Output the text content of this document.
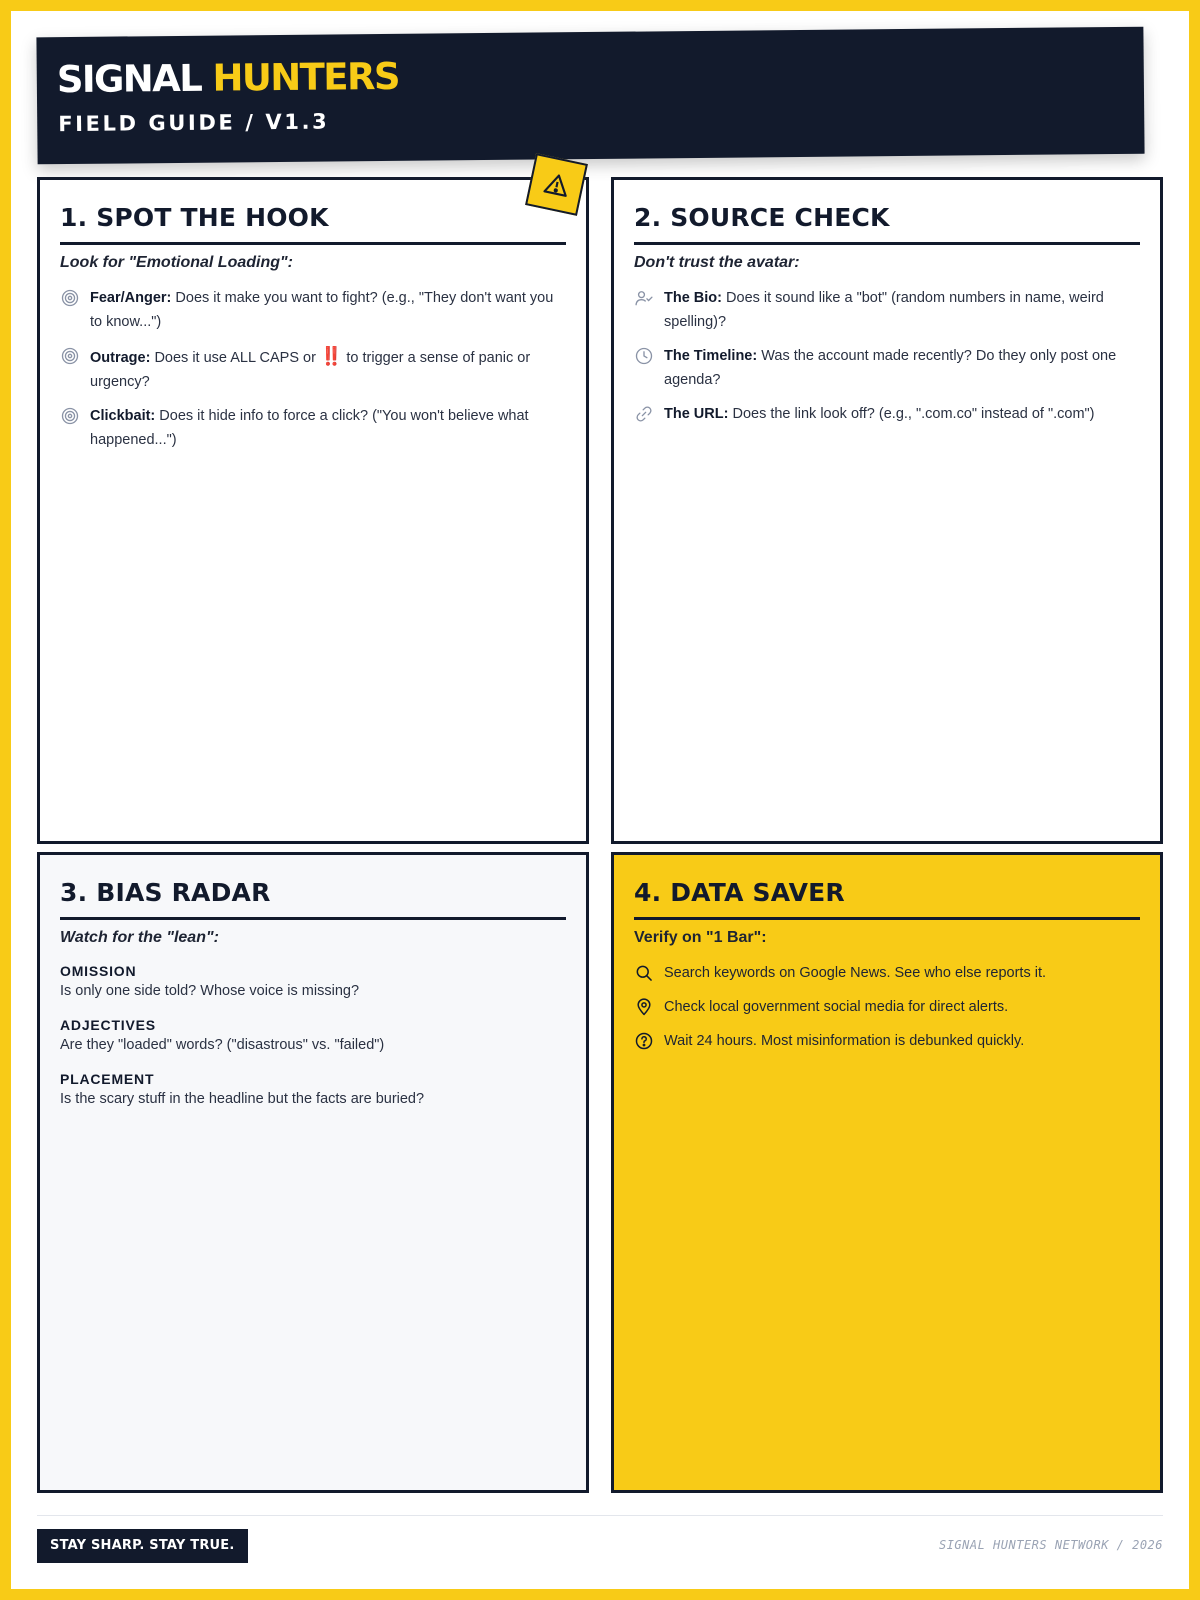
SIGNAL HUNTERS
FIELD GUIDE / V1.3
1. SPOT THE HOOK
Look for "Emotional Loading":
Fear/Anger: Does it make you want to fight? (e.g., "They don't want you to know...")
Outrage: Does it use ALL CAPS or ‼️ to trigger a sense of panic or urgency?
Clickbait: Does it hide info to force a click? ("You won't believe what happened...")
2. SOURCE CHECK
Don't trust the avatar:
The Bio: Does it sound like a "bot" (random numbers in name, weird spelling)?
The Timeline: Was the account made recently? Do they only post one agenda?
The URL: Does the link look off? (e.g., ".com.co" instead of ".com")
3. BIAS RADAR
Watch for the "lean":
OMISSION
Is only one side told? Whose voice is missing?
ADJECTIVES
Are they "loaded" words? ("disastrous" vs. "failed")
PLACEMENT
Is the scary stuff in the headline but the facts are buried?
4. DATA SAVER
Verify on "1 Bar":
Search keywords on Google News. See who else reports it.
Check local government social media for direct alerts.
Wait 24 hours. Most misinformation is debunked quickly.
STAY SHARP. STAY TRUE.	SIGNAL HUNTERS NETWORK / 2026
